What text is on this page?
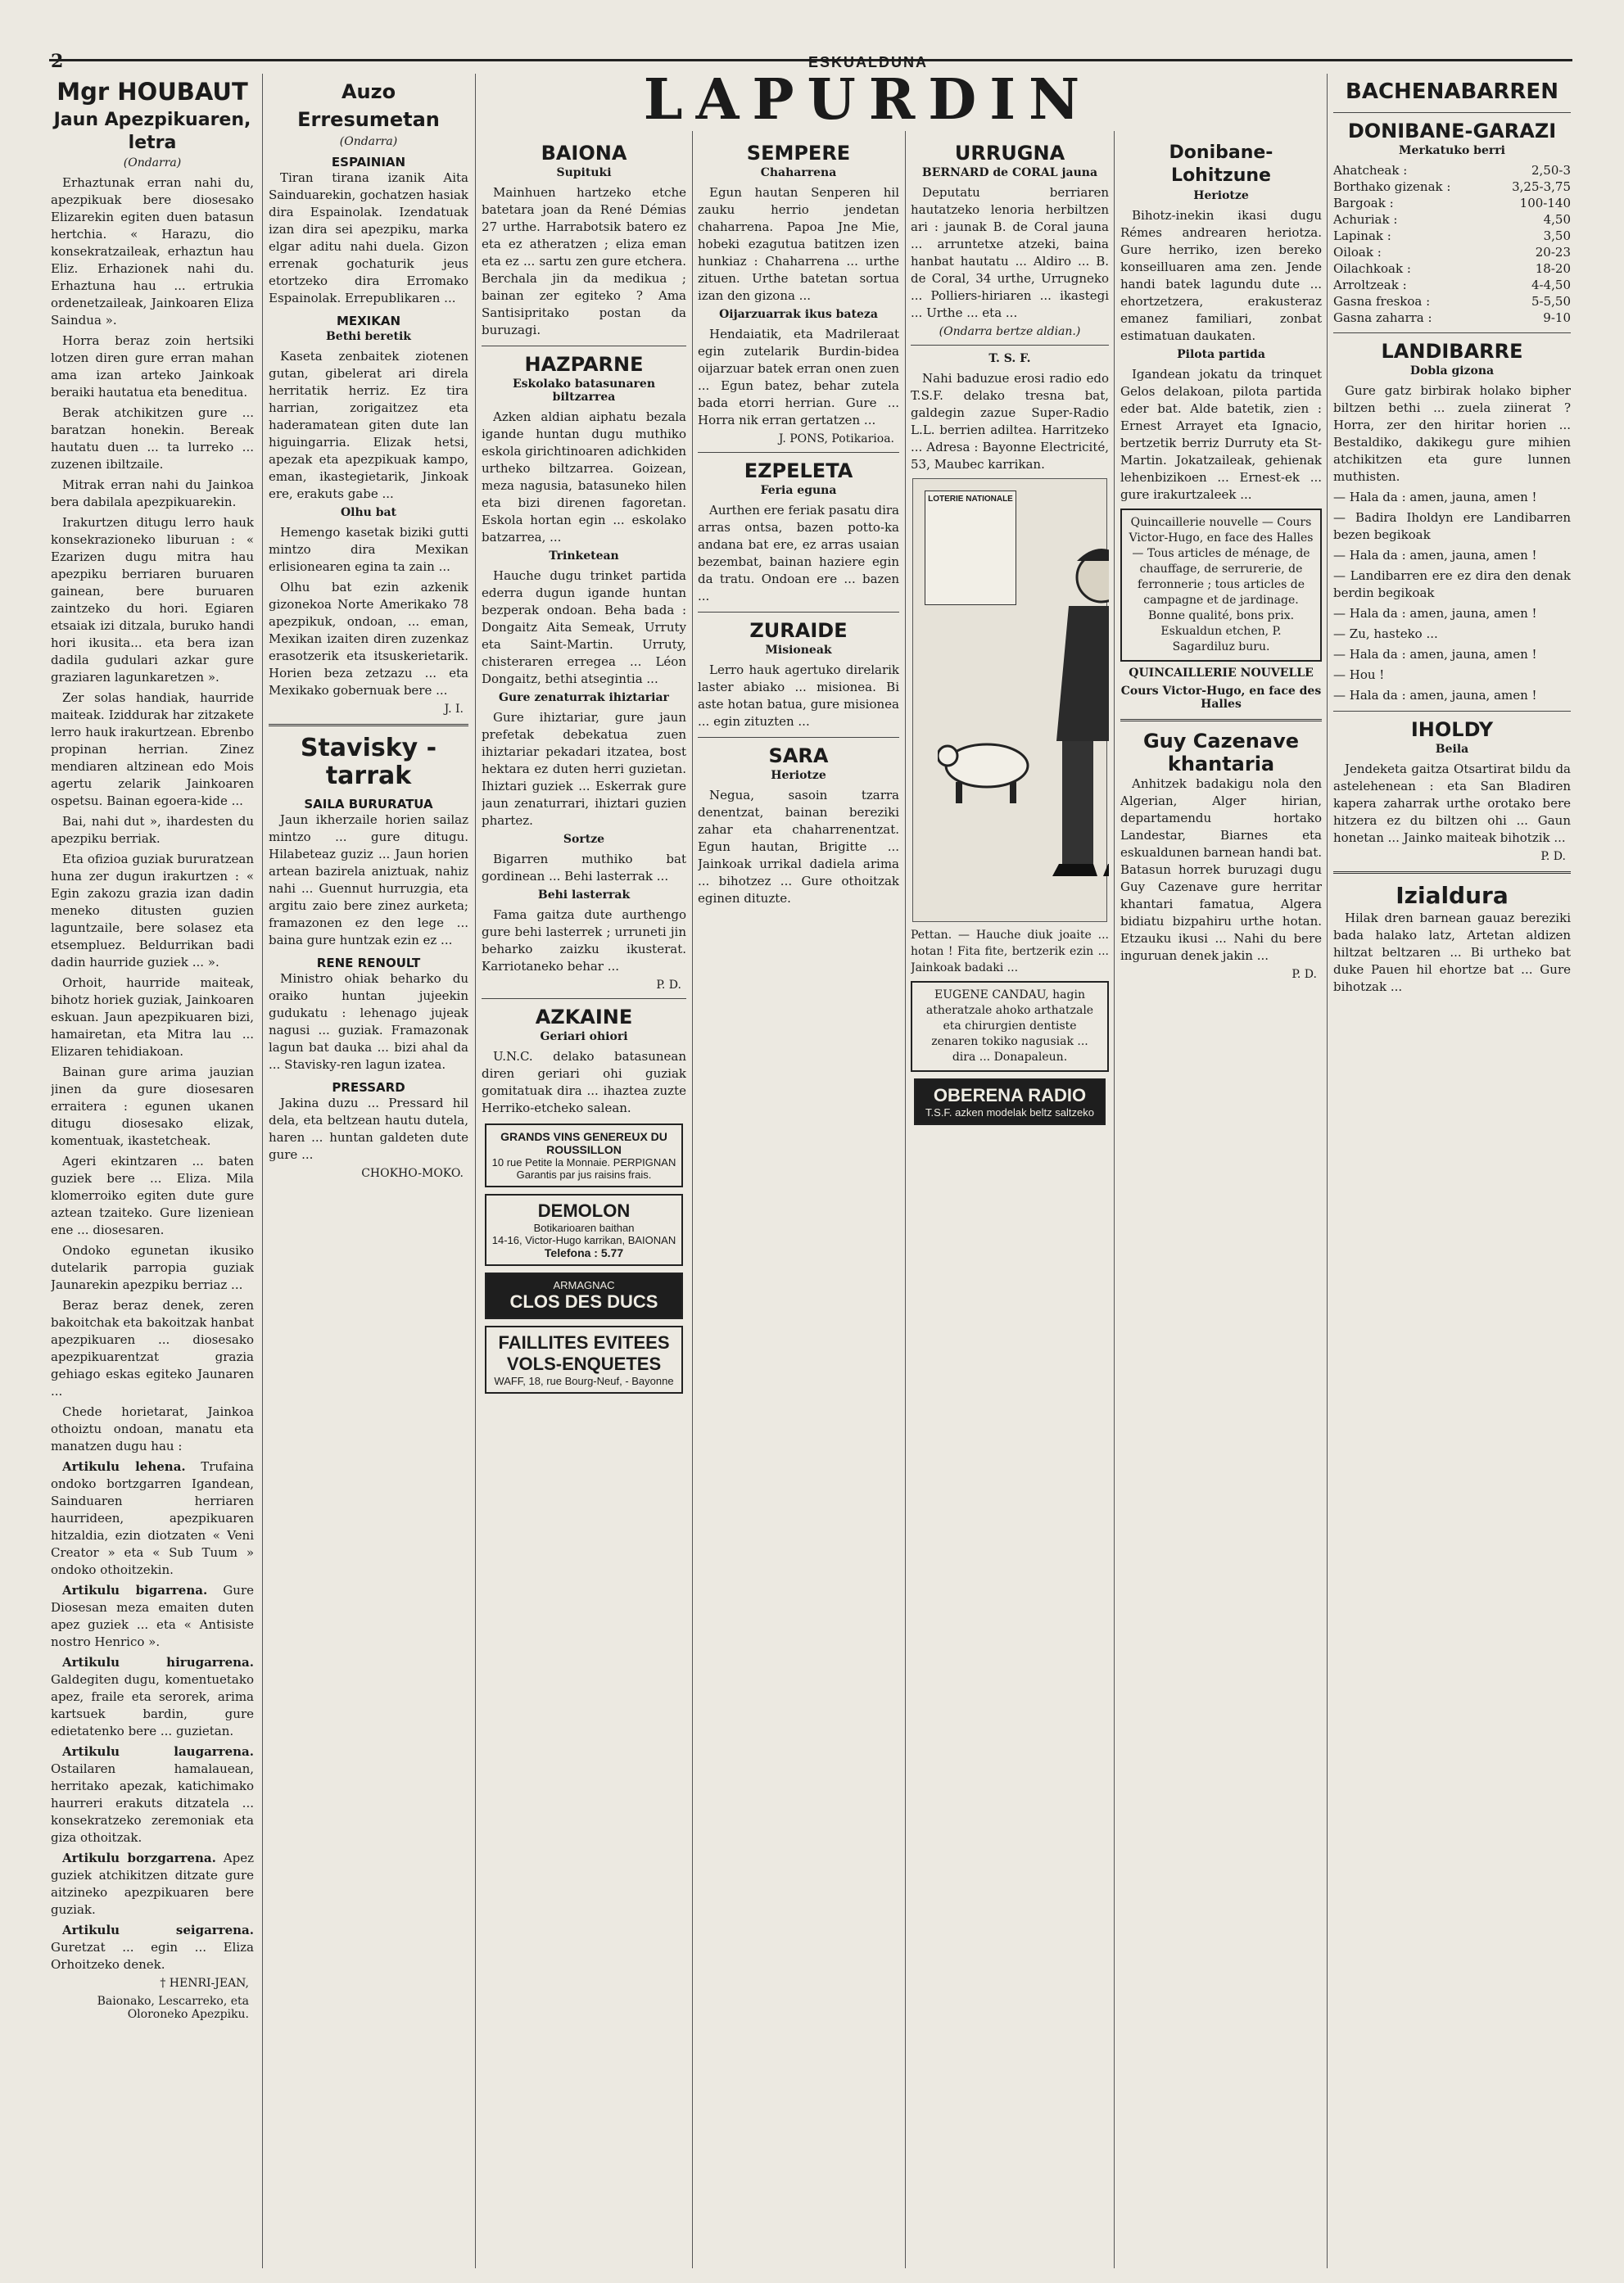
2	ESKUALDUNA
LAPURDIN
Mgr HOUBAUT
Jaun Apezpikuaren, letra
(Ondarra)

Erhaztunak erran nahi du, apezpikuak bere diosesako Elizarekin egiten duen batasun hertchia. « Harazu, dio konsekratzaileak, erhaztun hau Eliz. Erhazionek nahi du. Erhaztuna hau ... ertrukia ordenetzaileak, Jainkoaren Eliza Saindua ».

Horra beraz zoin hertsiki lotzen diren gure erran mahan ama izan arteko Jainkoak beraiki hautatua eta beneditua.

Berak atchikitzen gure ... baratzan honekin. Bereak hautatu duen ... ta lurreko ... zuzenen ibiltzaile.

Mitrak erran nahi du Jainkoa bera dabilala apezpikuarekin.

Irakurtzen ditugu lerro hauk konsekrazioneko liburuan : « Ezarizen dugu mitra hau apezpiku berriaren buruaren gainean, bere buruaren zaintzeko du hori. Egiaren etsaiak izi ditzala, buruko handi hori ikusita... eta bera izan dadila gudulari azkar gure graziaren lagunkaretzen ».

Zer solas handiak, haurride maiteak. Iziddurak har zitzakete lerro hauk irakurtzean. Ebrenbo propinan herrian. Zinez mendiaren altzinean edo Mois agertu zelarik Jainkoaren ospetsu. Bainan egoera-kide ...

Bai, nahi dut », ihardesten du apezpiku berriak.

Eta ofizioa guziak bururatzean huna zer dugun irakurtzen : « Egin zakozu grazia izan dadin meneko ditusten guzien laguntzaile, bere solasez eta etsempluez. Beldurrikan badi dadin haurride guziek ... ».

Orhoit, haurride maiteak, bihotz horiek guziak, Jainkoaren eskuan. Jaun apezpikuaren bizi, hamairetan, eta Mitra lau ... Elizaren tehidiakoan.

Bainan gure arima jauzian jinen da gure diosesaren erraitera : egunen ukanen ditugu diosesako elizak, komentuak, ikastetcheak.

Ageri ekintzaren ... baten guziek bere ... Eliza. Mila klomerroiko egiten dute gure aztean tzaiteko. Gure lizeniean ene ... diosesaren.

Ondoko egunetan ikusiko dutelarik parropia guziak Jaunarekin apezpiku berriaz ...

Beraz beraz denek, zeren bakoitchak eta bakoitzak hanbat apezpikuaren ... diosesako apezpikuarentzat grazia gehiago eskas egiteko Jaunaren ...

Chede horietarat, Jainkoa othoiztu ondoan, manatu eta manatzen dugu hau :

Artikulu lehena. Trufaina ondoko bortzgarren Igandean, Sainduaren herriaren haurrideen, apezpikuaren hitzaldia, ezin diotzaten « Veni Creator » eta « Sub Tuum » ondoko othoitzekin.

Artikulu bigarrena. Gure Diosesan meza emaiten duten apez guziek ... eta « Antisiste nostro Henrico ».

Artikulu hirugarrena. Galdegiten dugu, komentuetako apez, fraile eta serorek, arima kartsuek bardin, gure edietatenko bere ... guzietan.

Artikulu laugarrena. Ostailaren hamalauean, herritako apezak, katichimako haurreri erakuts ditzatela ... konsekratzeko zeremoniak eta giza othoitzak.

Artikulu borzgarrena. Apez guziek atchikitzen ditzate gure aitzineko apezpikuaren bere guziak.

Artikulu seigarrena. Guretzat ... egin ... Eliza Orhoitzeko denek.

† HENRI-JEAN,
Baionako, Lescarreko, eta Oloroneko Apezpiku.
Auzo Erresumetan
(Ondarra)
ESPAINIAN

Tiran tirana izanik Aita Sainduarekin, gochatzen hasiak dira Espainolak. Izendatuak izan dira sei apezpiku, marka elgar aditu nahi duela. Gizon errenak gochaturik jeus etortzeko dira Erromako Espainolak. Errepublikaren ...

MEXIKAN
Bethi beretik

Kaseta zenbaitek ziotenen gutan, gibelerat ari direla herritatik herriz. Ez tira harrian, zorigaitzez eta haderamatean giten dute lan higuingarria. Elizak hetsi, apezak eta apezpikuak kampo, eman, ikastegietarik, Jinkoak ere, erakuts gabe ...

Olhu bat

Hemengo kasetak biziki gutti mintzo dira Mexikan erlisionearen egina ta zain ...

Olhu bat ezin azkenik gizonekoa Norte Amerikako 78 apezpikuk, ondoan, ... eman, Mexikan izaiten diren zuzenkaz erasotzerik eta itsuskerietarik. Horien beza zetzazu ... eta Mexikako gobernuak bere ...

J. I.
Stavisky - tarrak
SAILA BURURATUA

Jaun ikherzaile horien sailaz mintzo ... gure ditugu. Hilabeteaz guziz ... Jaun horien artean bazirela aniztuak, nahiz nahi ... Guennut hurruzgia, eta argitu zaio bere zinez aurketa; framazonen ez den lege ... baina gure huntzak ezin ez ...

RENE RENOULT

Ministro ohiak beharko du oraiko huntan jujeekin gudukatu : lehenago jujeak nagusi ... guziak. Framazonak lagun bat dauka ... bizi ahal da ... Stavisky-ren lagun izatea.

PRESSARD

Jakina duzu ... Pressard hil dela, eta beltzean hautu dutela, haren ... huntan galdeten dute gure ...

CHOKHO-MOKO.
BAIONA
Supituki

Mainhuen hartzeko etche batetara joan da René Démias 27 urthe. Harrabotsik batero ez eta ez atheratzen ; eliza eman eta ez ... sartu zen gure etchera. Berchala jin da medikua ; bainan zer egiteko ? Ama Santisipritako postan da buruzagi.

HAZPARNE
Eskolako batasunaren biltzarrea

Azken aldian aiphatu bezala igande huntan dugu muthiko eskola girichtinoaren adichkiden urtheko biltzarrea. Goizean, meza nagusia, batasuneko hilen eta bizi direnen fagoretan. Eskola hortan egin ... eskolako batzarrea, ...

Trinketean

Hauche dugu trinket partida ederra dugun igande huntan bezperak ondoan. Beha bada : Dongaitz Aita Semeak, Urruty eta Saint-Martin. Urruty, chisteraren erregea ... Léon Dongaitz, bethi atsegintia ...

Gure zenaturrak ihiztariar

Gure ihiztariar, gure jaun prefetak debekatua zuen ihiztariar pekadari itzatea, bost hektara ez duten herri guzietan. Ihiztari guziek ... Eskerrak gure jaun zenaturrari, ihiztari guzien phartez.

Sortze

Bigarren muthiko bat gordinean ... Behi lasterrak ...

Behi lasterrak

Fama gaitza dute aurthengo gure behi lasterrek ; urruneti jin beharko zaizku ikusterat. Karriotaneko behar ...

P. D.
AZKAINE
Geriari ohiori

U.N.C. delako batasunean diren geriari ohi guziak gomitatuak dira ... ihaztea zuzte Herriko-etcheko salean.

GRANDS VINS GENEREUX DU ROUSSILLON
10 rue Petite la Monnaie. PERPIGNAN
Garantis par jus raisins frais.
DEMOLON
Botikarioaren baithan
14-16, Victor-Hugo karrikan, BAIONAN
Telefona : 5.77
ARMAGNAC
CLOS DES DUCS
FAILLITES EVITEES
VOLS-ENQUETES
WAFF, 18, rue Bourg-Neuf, - Bayonne
SEMPERE
Chaharrena

Egun hautan Senperen hil zauku herrio jendetan chaharrena. Papoa Jne Mie, hobeki ezagutua batitzen izen hunkiaz : Chaharrena ... urthe zituen. Urthe batetan sortua izan den gizona ...

Oijarzuarrak ikus bateza

Hendaiatik, eta Madrileraat egin zutelarik Burdin-bidea oijarzuar batek erran onen zuen ... Egun batez, behar zutela bada etorri herrian. Gure ... Horra nik erran gertatzen ...

J. PONS, Potikarioa.
EZPELETA
Feria eguna

Aurthen ere feriak pasatu dira arras ontsa, bazen potto-ka andana bat ere, ez arras usaian bezembat, bainan haziere egin da tratu. Ondoan ere ... bazen ...

ZURAIDE
Misioneak

Lerro hauk agertuko direlarik laster abiako ... misionea. Bi aste hotan batua, gure misionea ... egin zituzten ...

SARA
Heriotze

Negua, sasoin tzarra denentzat, bainan bereziki zahar eta chaharrenentzat. Egun hautan, Brigitte ... Jainkoak urrikal dadiela arima ... bihotzez ... Gure othoitzak eginen dituzte.

URRUGNA
BERNARD de CORAL jauna

Deputatu berriaren hautatzeko lenoria herbiltzen ari : jaunak B. de Coral jauna ... arruntetxe atzeki, baina hanbat hautatu ... Aldiro ... B. de Coral, 34 urthe, Urrugneko ... Polliers-hiriaren ... ikastegi ... Urthe ... eta ...

(Ondarra bertze aldian.)
T. S. F.

Nahi baduzue erosi radio edo T.S.F. delako tresna bat, galdegin zazue Super-Radio L.L. berrien adiltea. Harritzeko ... Adresa : Bayonne Electricité, 53, Maubec karrikan.

LOTERIE NATIONALE

Pettan. — Hauche diuk joaite ... hotan ! Fita fite, bertzerik ezin ... Jainkoak badaki ...

EUGENE CANDAU, hagin atheratzale ahoko arthatzale eta chirurgien dentiste zenaren tokiko nagusiak ... dira ... Donapaleun.
OBERENA RADIO
T.S.F. azken modelak beltz saltzeko
Donibane-Lohitzune
Heriotze

Bihotz-inekin ikasi dugu Rémes andrearen heriotza. Gure herriko, izen bereko konseilluaren ama zen. Jende handi batek lagundu dute ... ehortzetzera, erakusteraz emanez familiari, zonbat estimatuan daukaten.

Pilota partida

Igandean jokatu da trinquet Gelos delakoan, pilota partida eder bat. Alde batetik, zien : Ernest Arrayet eta Ignacio, bertzetik berriz Durruty eta St-Martin. Jokatzaileak, gehienak lehenbizikoen ... Ernest-ek ... gure irakurtzaleek ...

Quincaillerie nouvelle — Cours Victor-Hugo, en face des Halles — Tous articles de ménage, de chauffage, de serrurerie, de ferronnerie ; tous articles de campagne et de jardinage. Bonne qualité, bons prix. Eskualdun etchen, P. Sagardiluz buru.
QUINCAILLERIE NOUVELLE
Cours Victor-Hugo, en face des Halles
Guy Cazenave khantaria

Anhitzek badakigu nola den Algerian, Alger hirian, departamendu hortako Landestar, Biarnes eta eskualdunen barnean handi bat. Batasun horrek buruzagi dugu Guy Cazenave gure herritar khantari famatua, Algera bidiatu bizpahiru urthe hotan. Etzauku ikusi ... Nahi du bere inguruan denek jakin ...

P. D.
BACHENABARREN
DONIBANE-GARAZI
Merkatuko berri
Ahatcheak :	2,50-3
Borthako gizenak :	3,25-3,75
Bargoak :	100-140
Achuriak :	4,50
Lapinak :	3,50
Oiloak :	20-23
Oilachkoak :	18-20
Arroltzeak :	4-4,50
Gasna freskoa :	5-5,50
Gasna zaharra :	9-10
LANDIBARRE
Dobla gizona

Gure gatz birbirak holako bipher biltzen bethi ... zuela ziinerat ? Horra, zer den hiritar horien ... Bestaldiko, dakikegu gure mihien atchikitzen eta gure lunnen muthisten.

— Hala da : amen, jauna, amen !

— Badira Iholdyn ere Landibarren bezen begikoak

— Hala da : amen, jauna, amen !

— Landibarren ere ez dira den denak berdin begikoak

— Hala da : amen, jauna, amen !

— Zu, hasteko ...

— Hala da : amen, jauna, amen !

— Hou !

— Hala da : amen, jauna, amen !

IHOLDY
Beila

Jendeketa gaitza Otsartirat bildu da astelehenean : eta San Bladiren kapera zaharrak urthe orotako bere hitzera ez du biltzen ohi ... Gaun honetan ... Jainko maiteak bihotzik ...

P. D.
Izialdura

Hilak dren barnean gauaz bereziki bada halako latz, Artetan aldizen hiltzat beltzaren ... Bi urtheko bat duke Pauen hil ehortze bat ... Gure bihotzak ...
